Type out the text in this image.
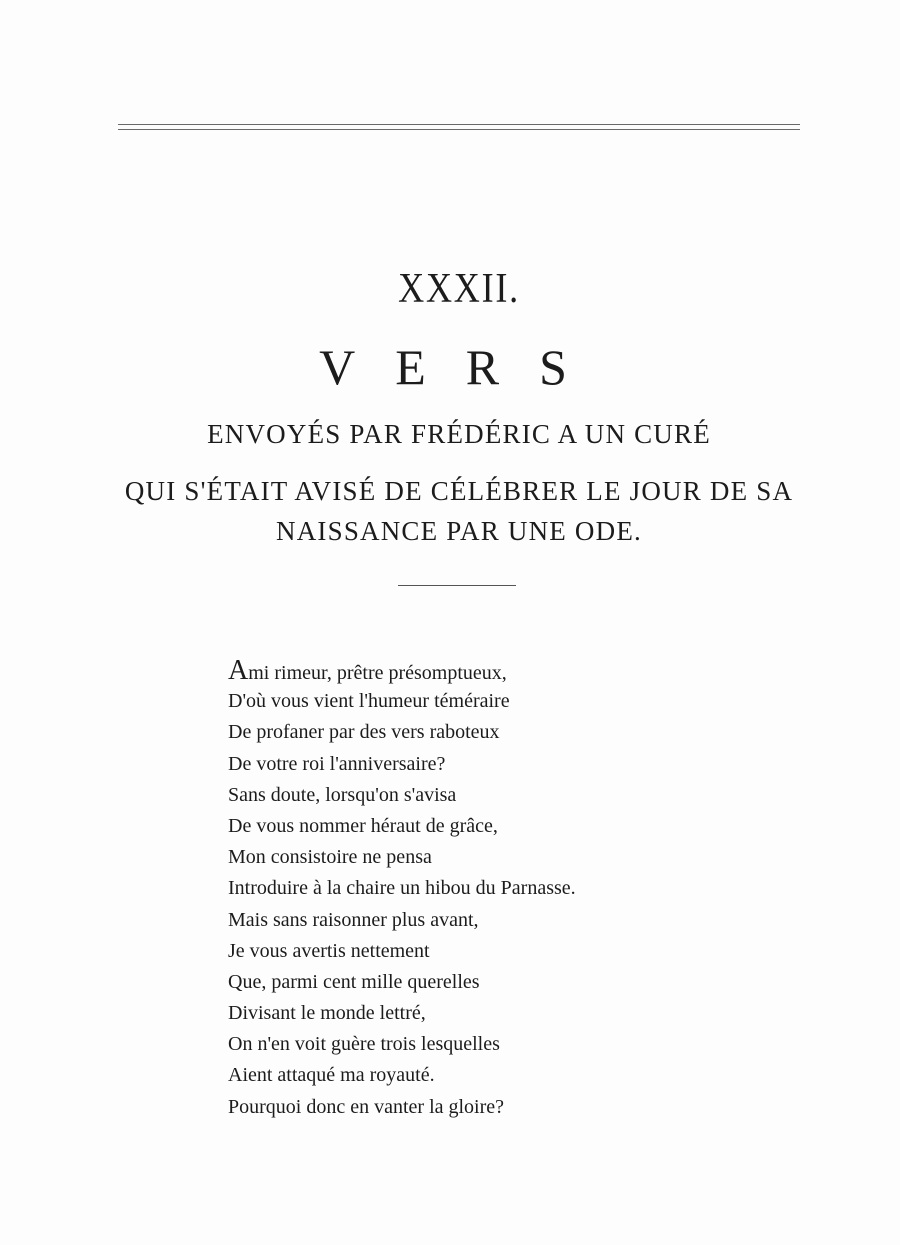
XXXII.
VERS
ENVOYÉS PAR FRÉDÉRIC A UN CURÉ
QUI S'ÉTAIT AVISÉ DE CÉLÉBRER LE JOUR DE SA
NAISSANCE PAR UNE ODE.
Ami rimeur, prêtre présomptueux,
D'où vous vient l'humeur téméraire
De profaner par des vers raboteux
De votre roi l'anniversaire?
Sans doute, lorsqu'on s'avisa
De vous nommer héraut de grâce,
Mon consistoire ne pensa
Introduire à la chaire un hibou du Parnasse.
Mais sans raisonner plus avant,
Je vous avertis nettement
Que, parmi cent mille querelles
Divisant le monde lettré,
On n'en voit guère trois lesquelles
Aient attaqué ma royauté.
Pourquoi donc en vanter la gloire?
